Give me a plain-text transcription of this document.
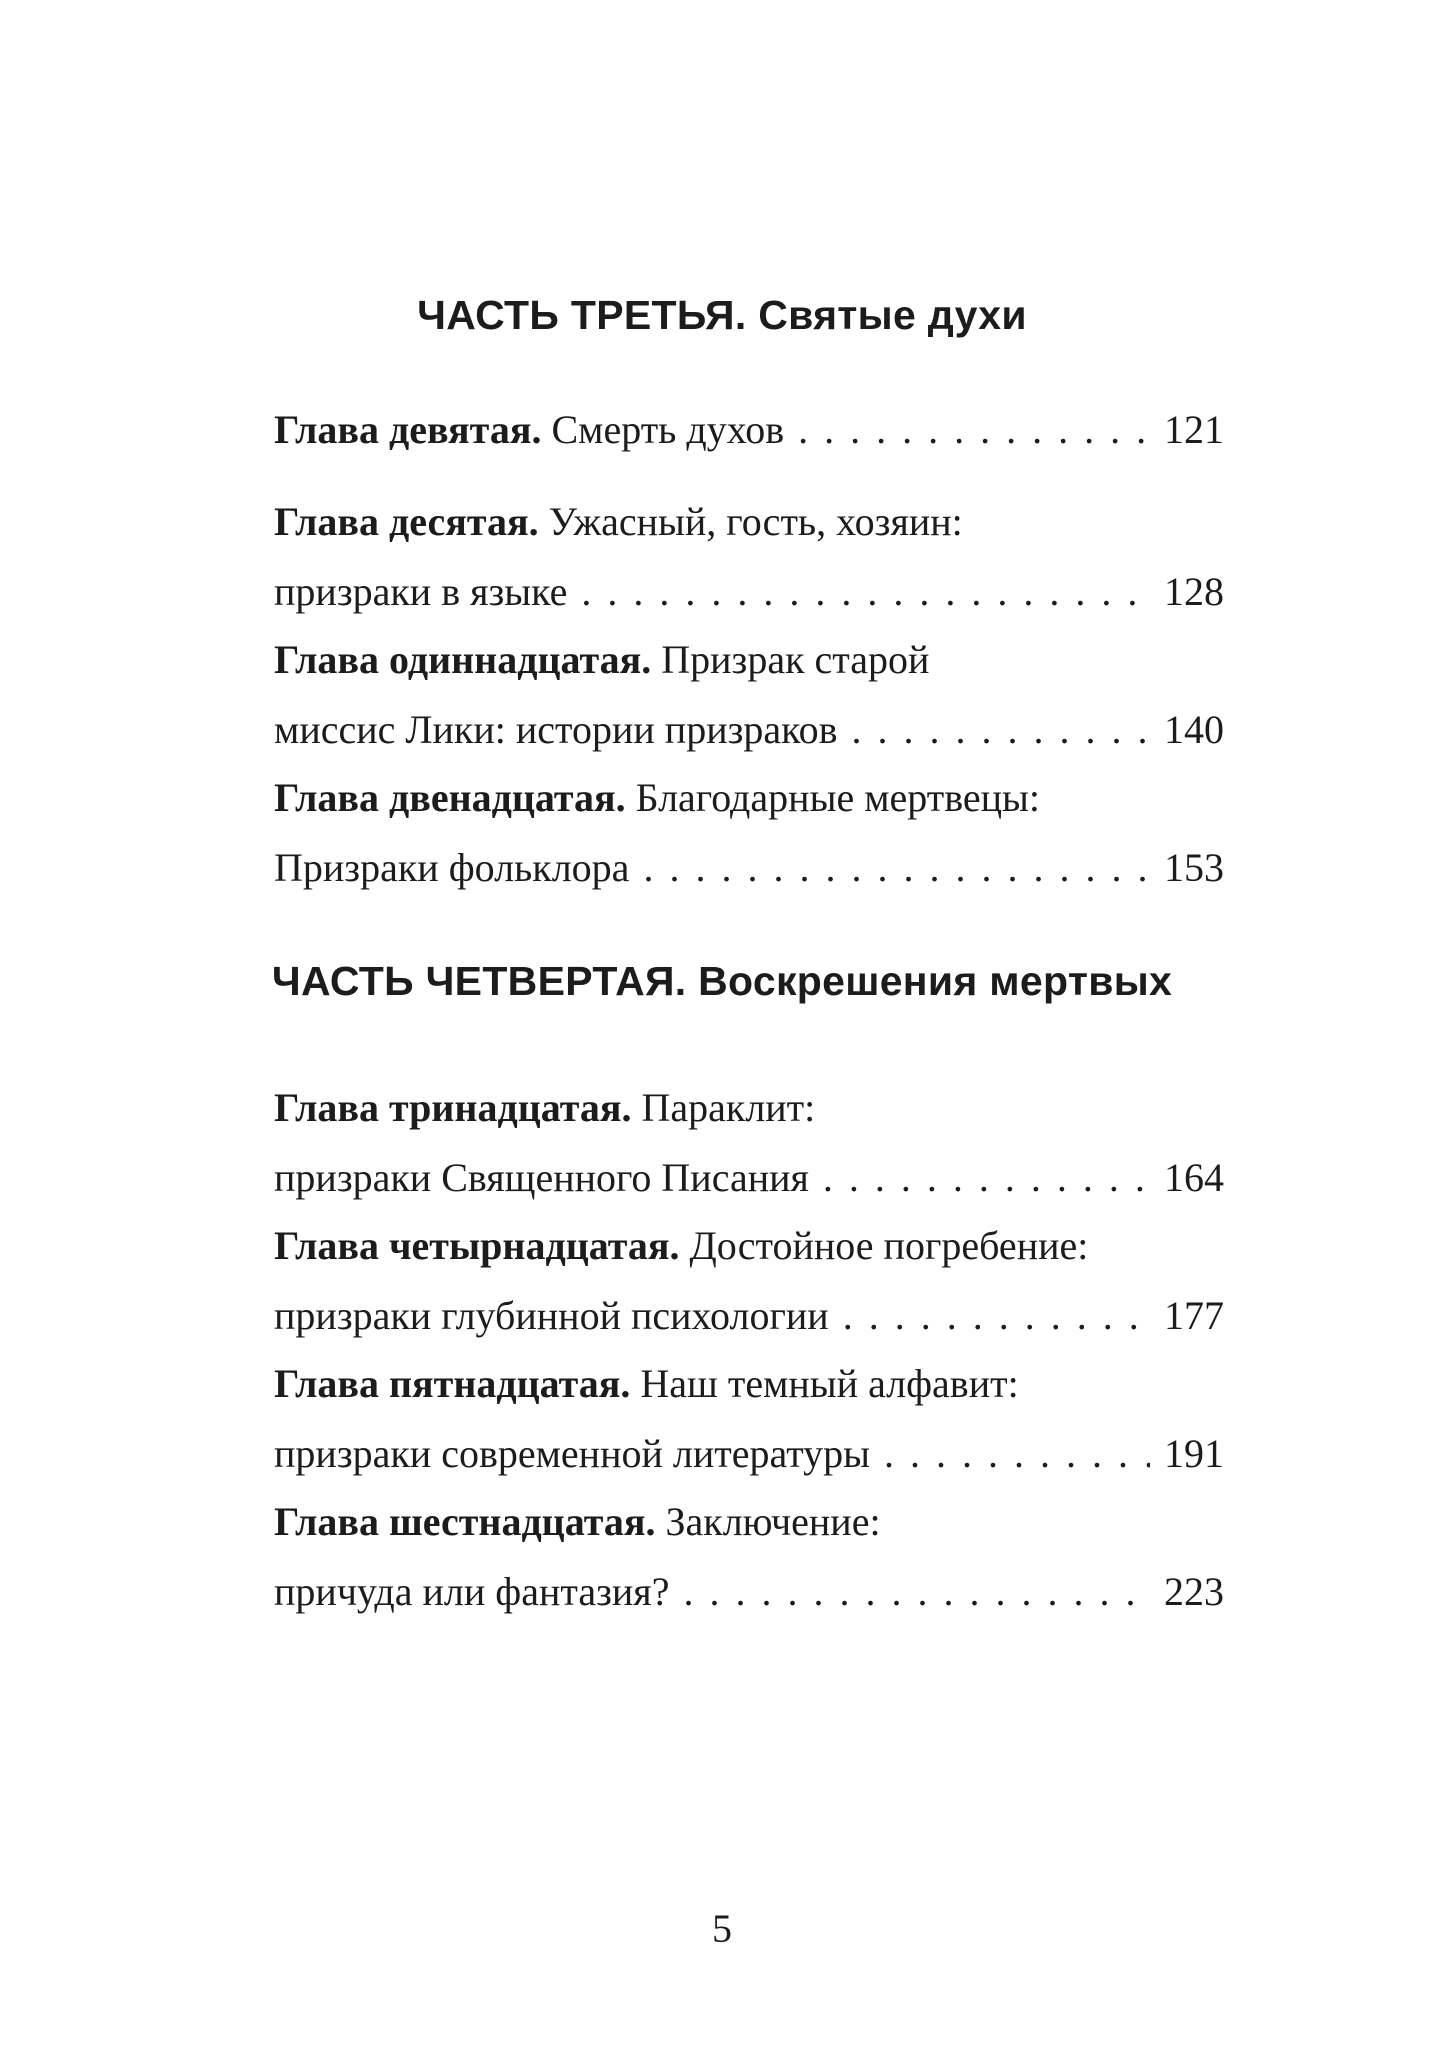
ЧАСТЬ ТРЕТЬЯ. Святые духи
Глава девятая. Смерть духов . . .	121
Глава десятая. Ужасный, гость, хозяин:
призраки в языке . . .	128
Глава одиннадцатая. Призрак старой
миссис Лики: истории призраков . . .	140
Глава двенадцатая. Благодарные мертвецы:
Призраки фольклора . . .	153
ЧАСТЬ ЧЕТВЕРТАЯ. Воскрешения мертвых
Глава тринадцатая. Параклит:
призраки Священного Писания . . .	164
Глава четырнадцатая. Достойное погребение:
призраки глубинной психологии . . .	177
Глава пятнадцатая. Наш темный алфавит:
призраки современной литературы . . .	191
Глава шестнадцатая. Заключение:
причуда или фантазия? . . .	223
5
